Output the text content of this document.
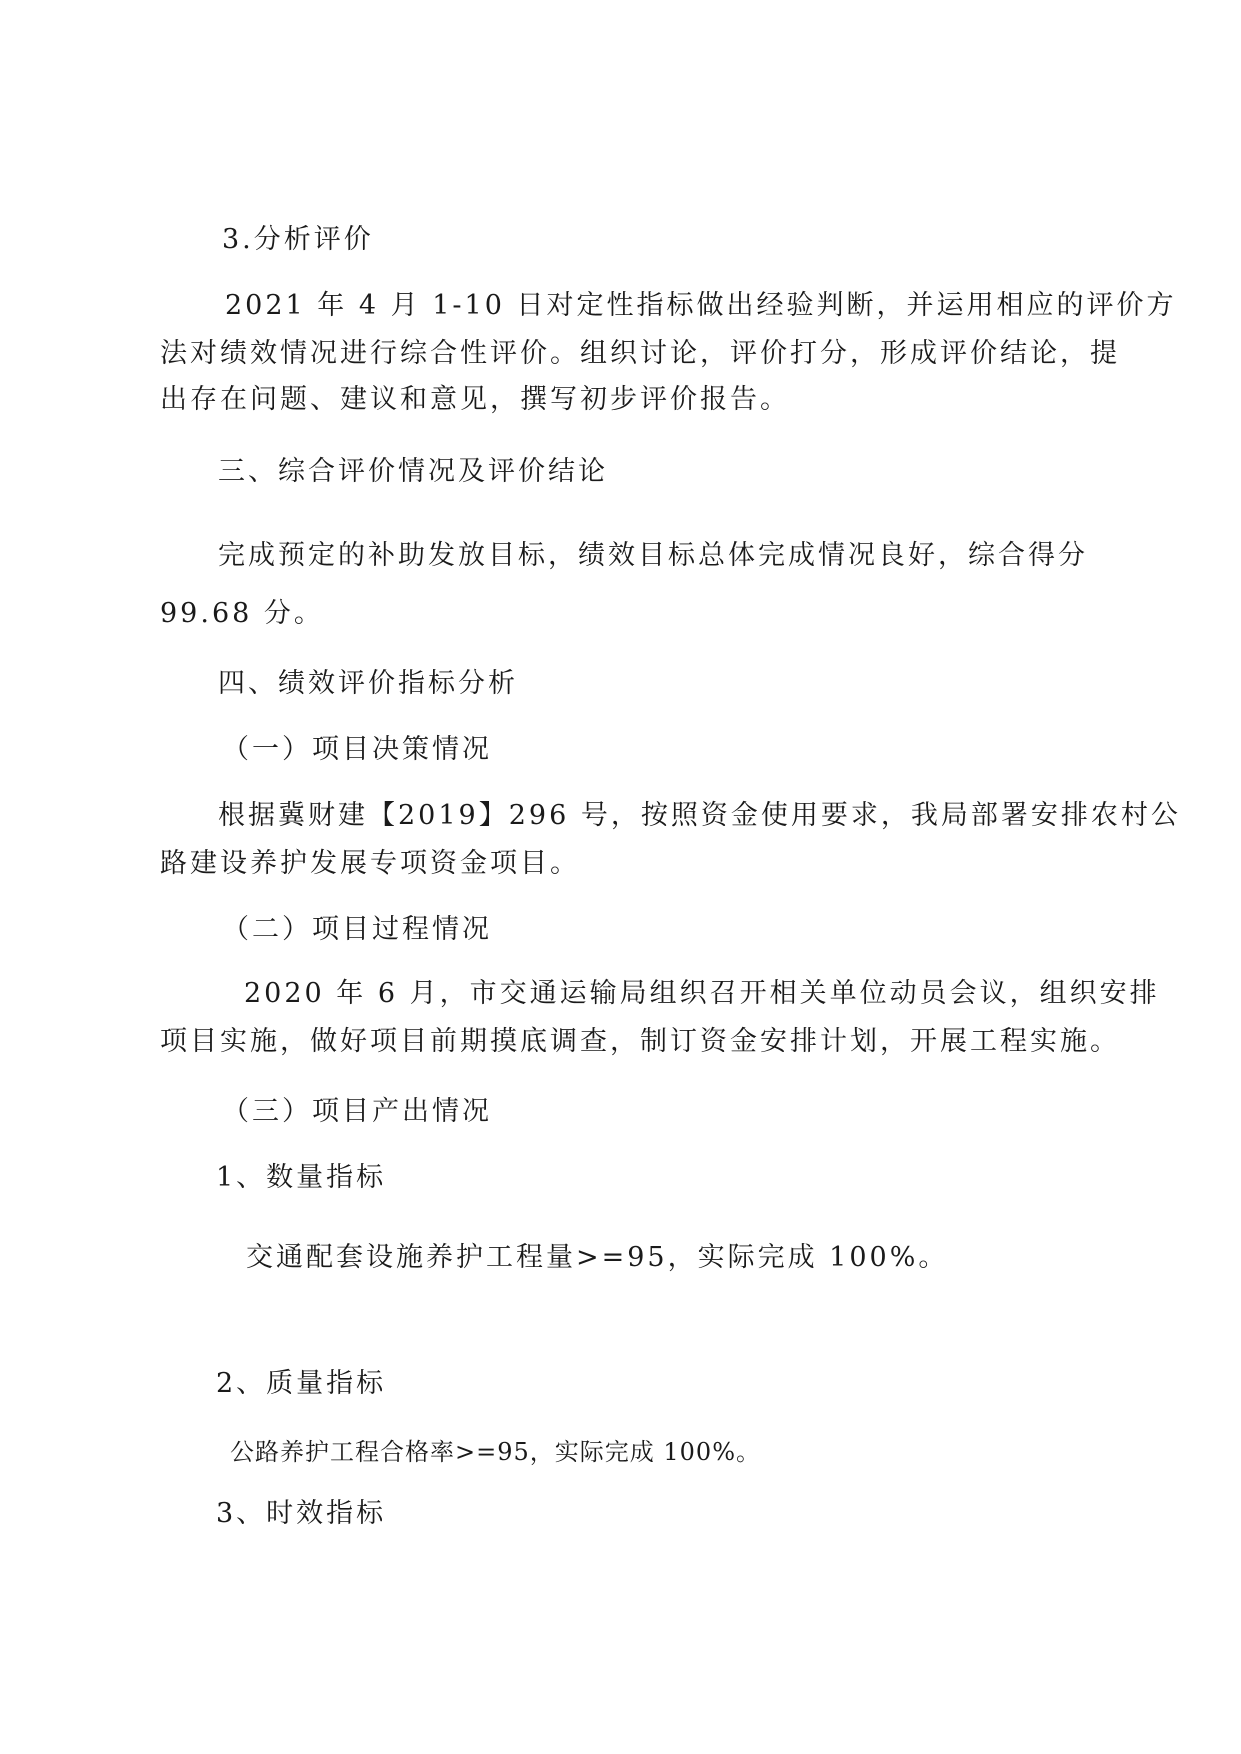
3.分析评价
2021 年 4 月 1-10 日对定性指标做出经验判断，并运用相应的评价方
法对绩效情况进行综合性评价。组织讨论，评价打分，形成评价结论，提
出存在问题、建议和意见，撰写初步评价报告。
三、综合评价情况及评价结论
完成预定的补助发放目标，绩效目标总体完成情况良好，综合得分
99.68 分。
四、绩效评价指标分析
（一）项目决策情况
根据冀财建【2019】296 号，按照资金使用要求，我局部署安排农村公
路建设养护发展专项资金项目。
（二）项目过程情况
2020 年 6 月，市交通运输局组织召开相关单位动员会议，组织安排
项目实施，做好项目前期摸底调查，制订资金安排计划，开展工程实施。
（三）项目产出情况
1、数量指标
交通配套设施养护工程量>=95，实际完成 100%。
2、质量指标
公路养护工程合格率>=95，实际完成 100%。
3、时效指标
